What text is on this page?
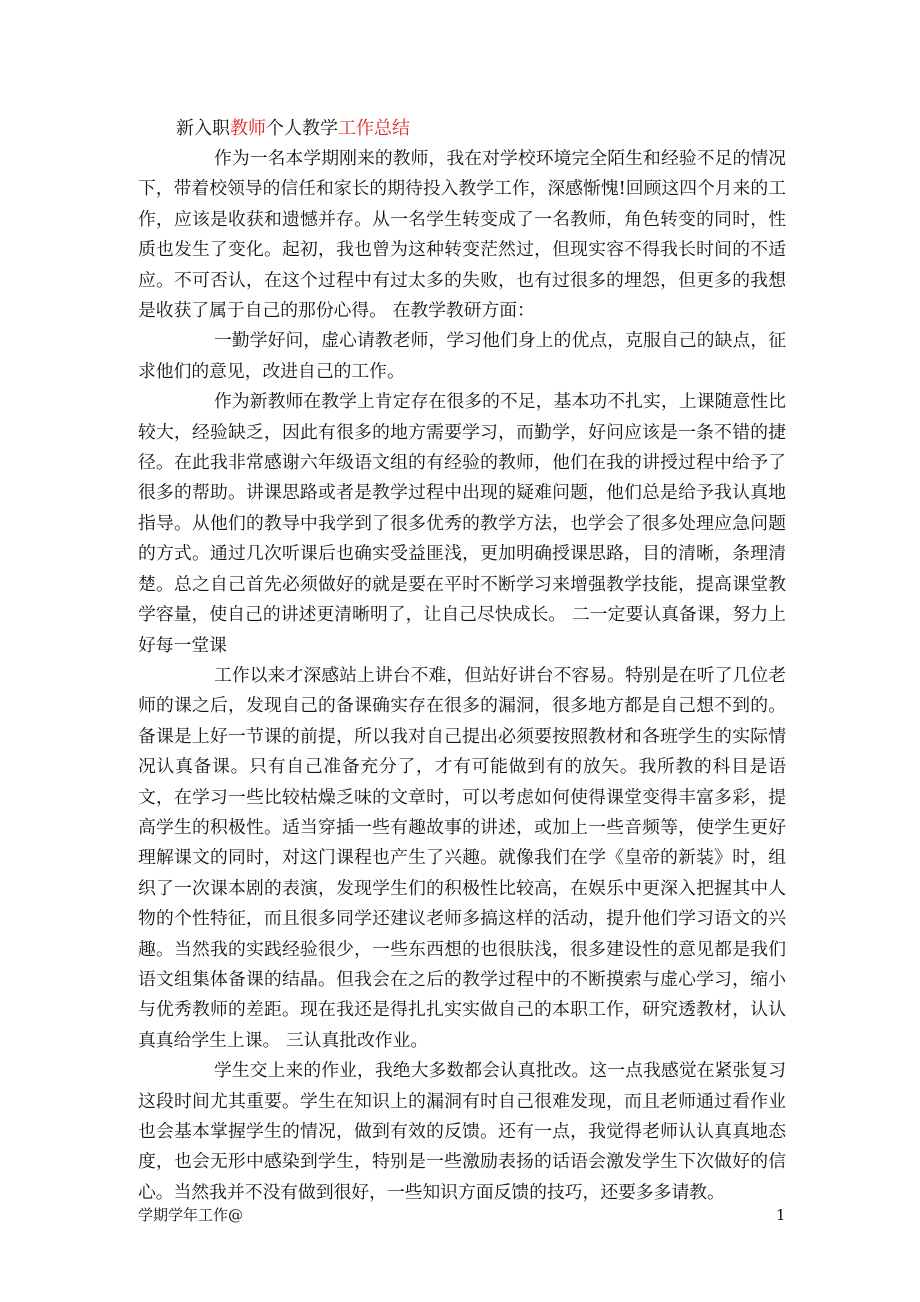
新入职教师个人教学工作总结

作为一名本学期刚来的教师，我在对学校环境完全陌生和经验不足的情况下，带着校领导的信任和家长的期待投入教学工作，深感惭愧!回顾这四个月来的工作，应该是收获和遗憾并存。从一名学生转变成了一名教师，角色转变的同时，性质也发生了变化。起初，我也曾为这种转变茫然过，但现实容不得我长时间的不适应。不可否认，在这个过程中有过太多的失败，也有过很多的埋怨，但更多的我想是收获了属于自己的那份心得。 在教学教研方面：

一勤学好问，虚心请教老师，学习他们身上的优点，克服自己的缺点，征求他们的意见，改进自己的工作。

作为新教师在教学上肯定存在很多的不足，基本功不扎实，上课随意性比较大，经验缺乏，因此有很多的地方需要学习，而勤学，好问应该是一条不错的捷径。在此我非常感谢六年级语文组的有经验的教师，他们在我的讲授过程中给予了很多的帮助。讲课思路或者是教学过程中出现的疑难问题，他们总是给予我认真地指导。从他们的教导中我学到了很多优秀的教学方法，也学会了很多处理应急问题的方式。通过几次听课后也确实受益匪浅，更加明确授课思路，目的清晰，条理清楚。总之自己首先必须做好的就是要在平时不断学习来增强教学技能，提高课堂教学容量，使自己的讲述更清晰明了，让自己尽快成长。 二一定要认真备课，努力上好每一堂课

工作以来才深感站上讲台不难，但站好讲台不容易。特别是在听了几位老师的课之后，发现自己的备课确实存在很多的漏洞，很多地方都是自己想不到的。备课是上好一节课的前提，所以我对自己提出必须要按照教材和各班学生的实际情况认真备课。只有自己准备充分了，才有可能做到有的放矢。我所教的科目是语文，在学习一些比较枯燥乏味的文章时，可以考虑如何使得课堂变得丰富多彩，提高学生的积极性。适当穿插一些有趣故事的讲述，或加上一些音频等，使学生更好理解课文的同时，对这门课程也产生了兴趣。就像我们在学《皇帝的新装》时，组织了一次课本剧的表演，发现学生们的积极性比较高，在娱乐中更深入把握其中人物的个性特征，而且很多同学还建议老师多搞这样的活动，提升他们学习语文的兴趣。当然我的实践经验很少，一些东西想的也很肤浅，很多建设性的意见都是我们语文组集体备课的结晶。但我会在之后的教学过程中的不断摸索与虚心学习，缩小与优秀教师的差距。现在我还是得扎扎实实做自己的本职工作，研究透教材，认认真真给学生上课。 三认真批改作业。

学生交上来的作业，我绝大多数都会认真批改。这一点我感觉在紧张复习这段时间尤其重要。学生在知识上的漏洞有时自己很难发现，而且老师通过看作业也会基本掌握学生的情况，做到有效的反馈。还有一点，我觉得老师认认真真地态度，也会无形中感染到学生，特别是一些激励表扬的话语会激发学生下次做好的信心。当然我并不没有做到很好，一些知识方面反馈的技巧，还要多多请教。

学期学年工作@	1
